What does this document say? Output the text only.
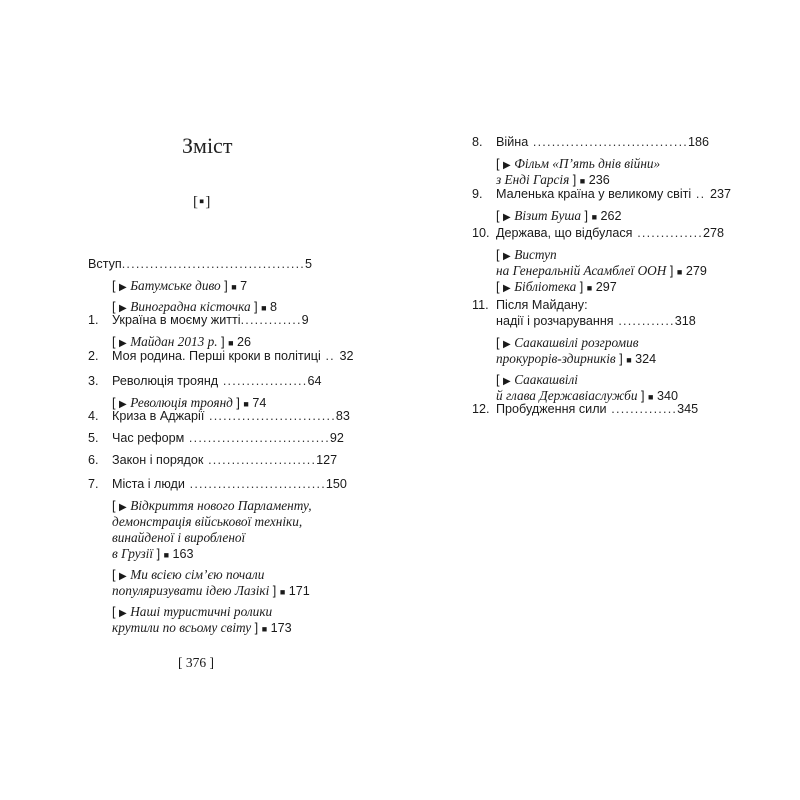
Зміст
[▪]
Вступ.......................................5
[ ▶ Батумське диво ] ■ 7
[ ▶ Виноградна кісточка ] ■ 8
1. Україна в моєму житті.............9
[ ▶ Майдан 2013 р. ] ■ 26
2. Моя родина. Перші кроки в політиці .. 32
3. Революція троянд ..................64
[ ▶ Революція троянд ] ■ 74
4. Криза в Аджарії ...........................83
5. Час реформ ..............................92
6. Закон і порядок .......................127
7. Міста і люди .............................150
[ ▶ Відкриття нового Парламенту,
демонстрація військової техніки,
винайденої і виробленої
в Грузії ] ■ 163
[ ▶ Ми всією сім’єю почали
популяризувати ідею Лазікі ] ■ 171
[ ▶ Наші туристичні ролики
крутили по всьому світу ] ■ 173
[ 376 ]
8. Війна .................................186
[ ▶ Фільм «П’ять днів війни»
з Енді Гарсія ] ■ 236
9. Маленька країна у великому світі .. 237
[ ▶ Візит Буша ] ■ 262
10. Держава, що відбулася ..............278
[ ▶ Виступ
на Генеральній Асамблеї ООН ] ■ 279
[ ▶ Бібліотека ] ■ 297
11. Після Майдану:
надії і розчарування ............318
[ ▶ Саакашвілі розгромив
прокурорів-здирників ] ■ 324
[ ▶ Саакашвілі
й глава Державіаслужби ] ■ 340
12. Пробудження сили ..............345
